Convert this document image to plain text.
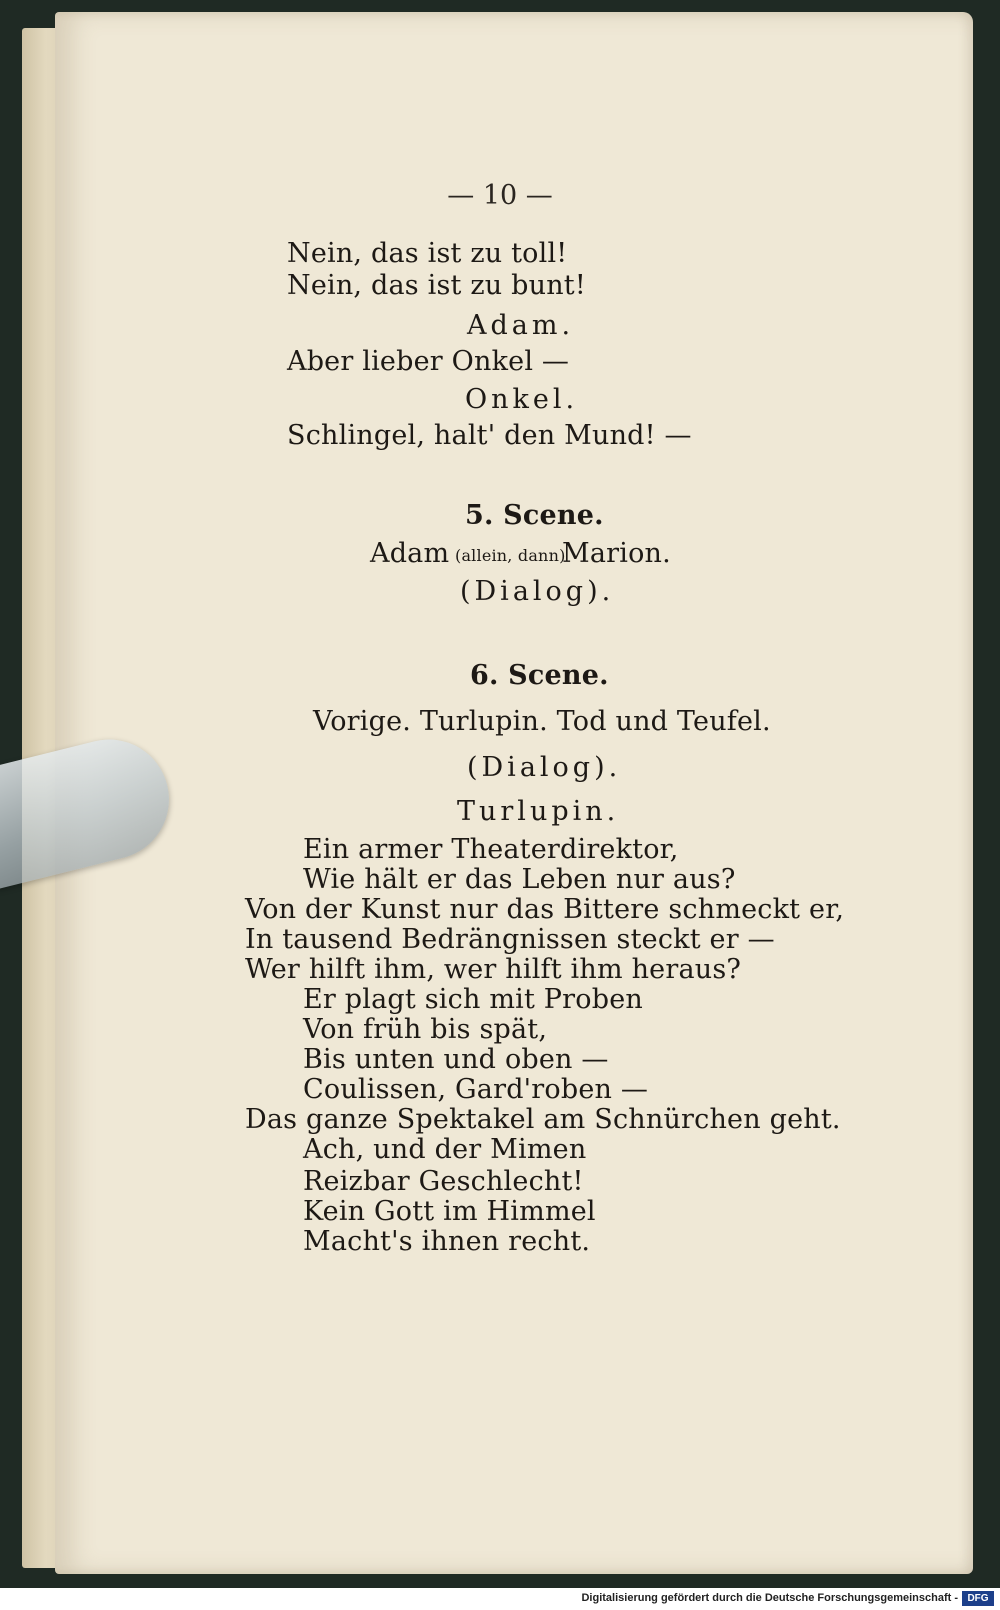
— 10 —
Nein, das ist zu toll!
Nein, das ist zu bunt!
Adam.
Aber lieber Onkel —
Onkel.
Schlingel, halt' den Mund! —
5. Scene.
Adam (allein, dann)
Marion.
(Dialog).
6. Scene.
Vorige. Turlupin. Tod und Teufel.
(Dialog).
Turlupin.
Ein armer Theaterdirektor,
Wie hält er das Leben nur aus?
Von der Kunst nur das Bittere schmeckt er,
In tausend Bedrängnissen steckt er —
Wer hilft ihm, wer hilft ihm heraus?
Er plagt sich mit Proben
Von früh bis spät,
Bis unten und oben —
Coulissen, Gard'roben —
Das ganze Spektakel am Schnürchen geht.
Ach, und der Mimen
Reizbar Geschlecht!
Kein Gott im Himmel
Macht's ihnen recht.
Digitalisierung gefördert durch die Deutsche Forschungsgemeinschaft - DFG
